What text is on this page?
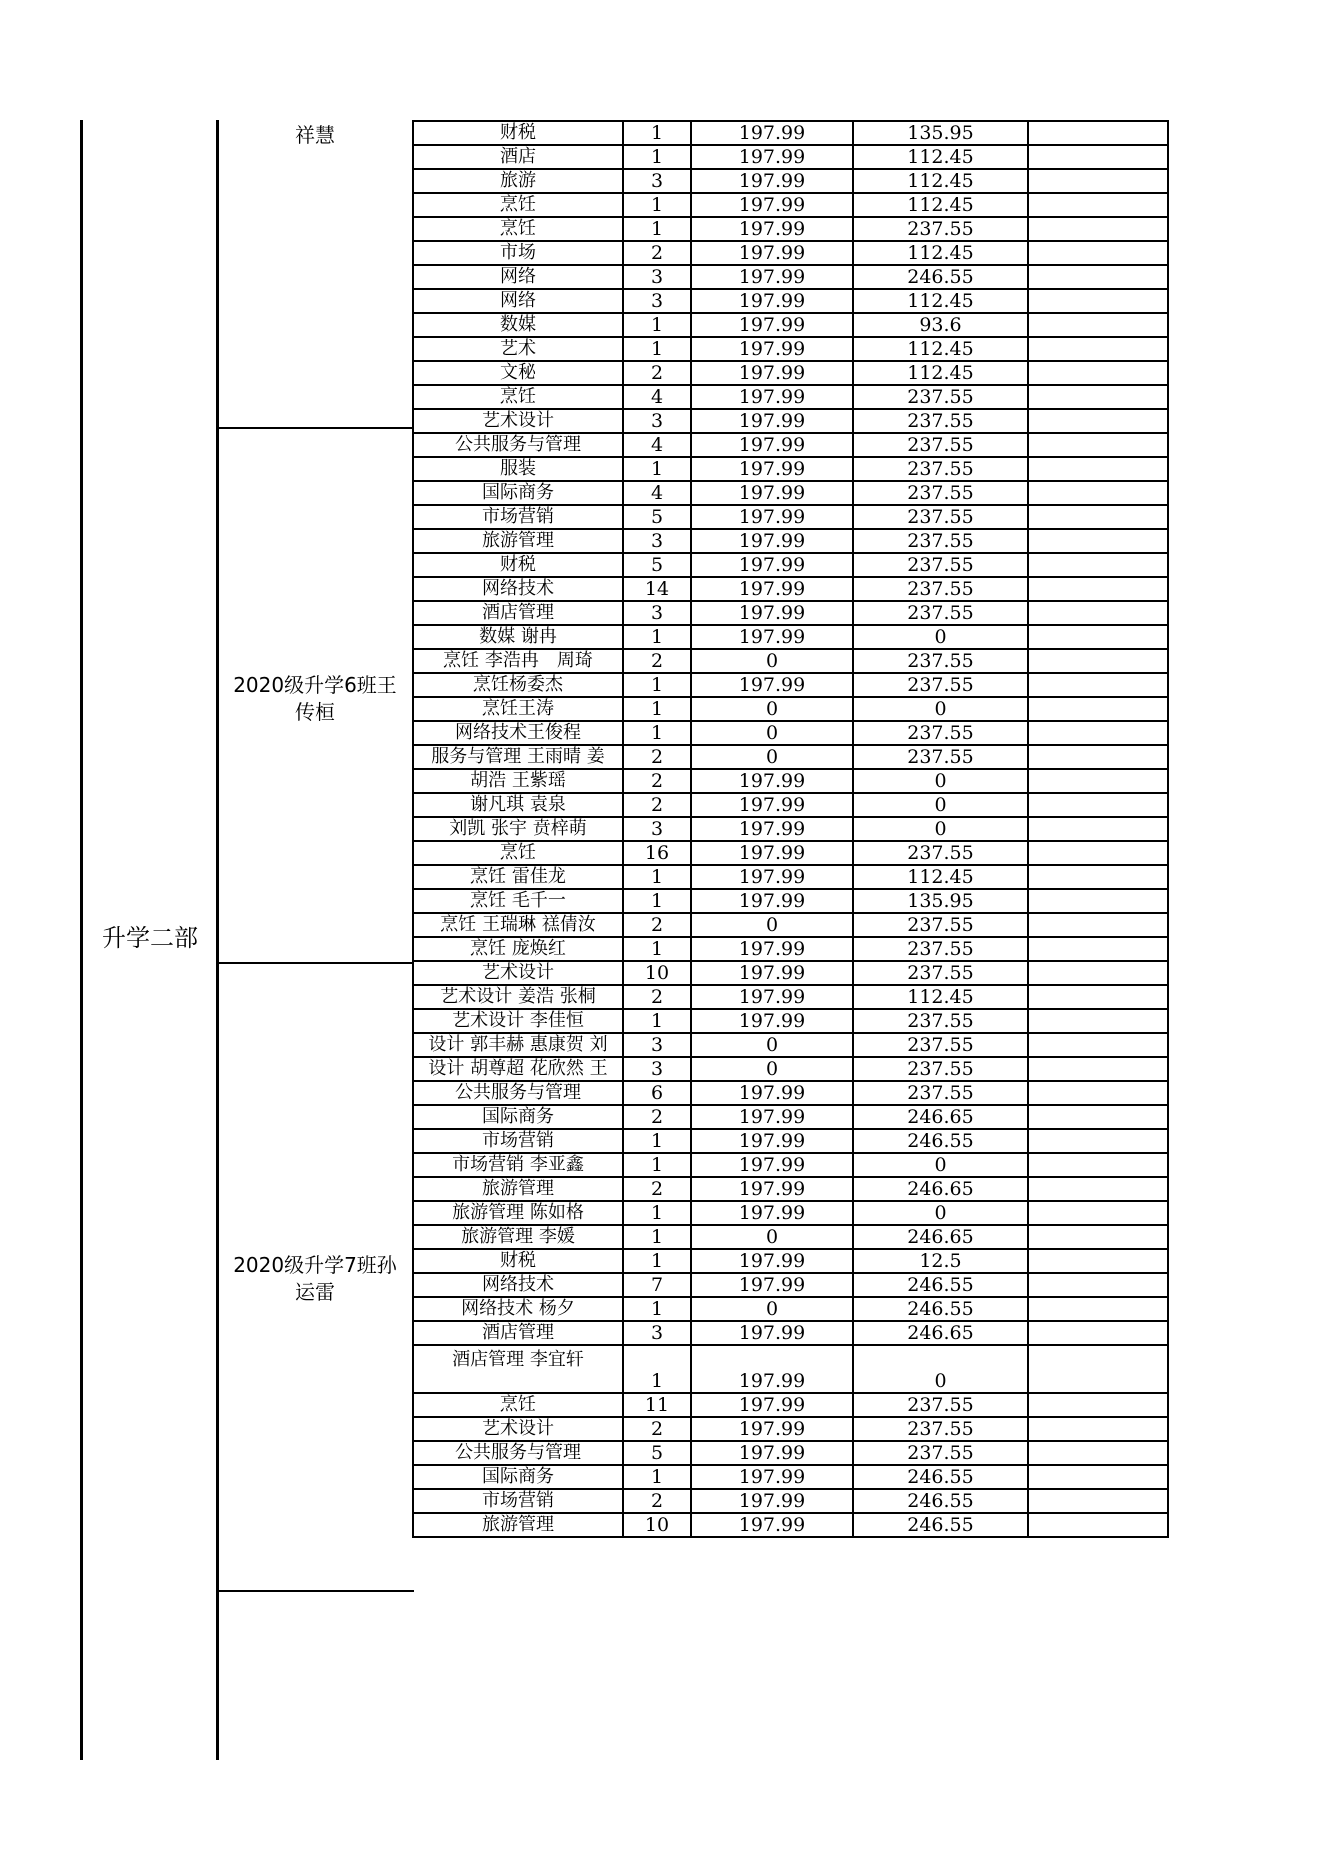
升学二部
祥慧
2020级升学6班王传桓
2020级升学7班孙运雷
财税	1	197.99	135.95	
酒店	1	197.99	112.45	
旅游	3	197.99	112.45	
烹饪	1	197.99	112.45	
烹饪	1	197.99	237.55	
市场	2	197.99	112.45	
网络	3	197.99	246.55	
网络	3	197.99	112.45	
数媒	1	197.99	93.6	
艺术	1	197.99	112.45	
文秘	2	197.99	112.45	
烹饪	4	197.99	237.55	
艺术设计	3	197.99	237.55	
公共服务与管理	4	197.99	237.55	
服装	1	197.99	237.55	
国际商务	4	197.99	237.55	
市场营销	5	197.99	237.55	
旅游管理	3	197.99	237.55	
财税	5	197.99	237.55	
网络技术	14	197.99	237.55	
酒店管理	3	197.99	237.55	
数媒 谢冉	1	197.99	0	
烹饪 李浩冉　周琦	2	0	237.55	
烹饪杨委杰	1	197.99	237.55	
烹饪王涛	1	0	0	
网络技术王俊程	1	0	237.55	
服务与管理 王雨晴 姜	2	0	237.55	
胡浩 王紫瑶	2	197.99	0	
谢凡琪 袁泉	2	197.99	0	
刘凯 张宇 贲梓萌	3	197.99	0	
烹饪	16	197.99	237.55	
烹饪 雷佳龙	1	197.99	112.45	
烹饪 毛千一	1	197.99	135.95	
烹饪 王瑞琳 禚倩汝	2	0	237.55	
烹饪 庞焕红	1	197.99	237.55	
艺术设计	10	197.99	237.55	
艺术设计 姜浩 张桐	2	197.99	112.45	
艺术设计 李佳恒	1	197.99	237.55	
设计 郭丰赫 惠康贺 刘	3	0	237.55	
设计 胡尊超 花欣然 王	3	0	237.55	
公共服务与管理	6	197.99	237.55	
国际商务	2	197.99	246.65	
市场营销	1	197.99	246.55	
市场营销 李亚鑫	1	197.99	0	
旅游管理	2	197.99	246.65	
旅游管理 陈如格	1	197.99	0	
旅游管理 李媛	1	0	246.65	
财税	1	197.99	12.5	
网络技术	7	197.99	246.55	
网络技术 杨夕	1	0	246.55	
酒店管理	3	197.99	246.65	
酒店管理 李宜轩	1	197.99	0	
烹饪	11	197.99	237.55	
艺术设计	2	197.99	237.55	
公共服务与管理	5	197.99	237.55	
国际商务	1	197.99	246.55	
市场营销	2	197.99	246.55	
旅游管理	10	197.99	246.55	
